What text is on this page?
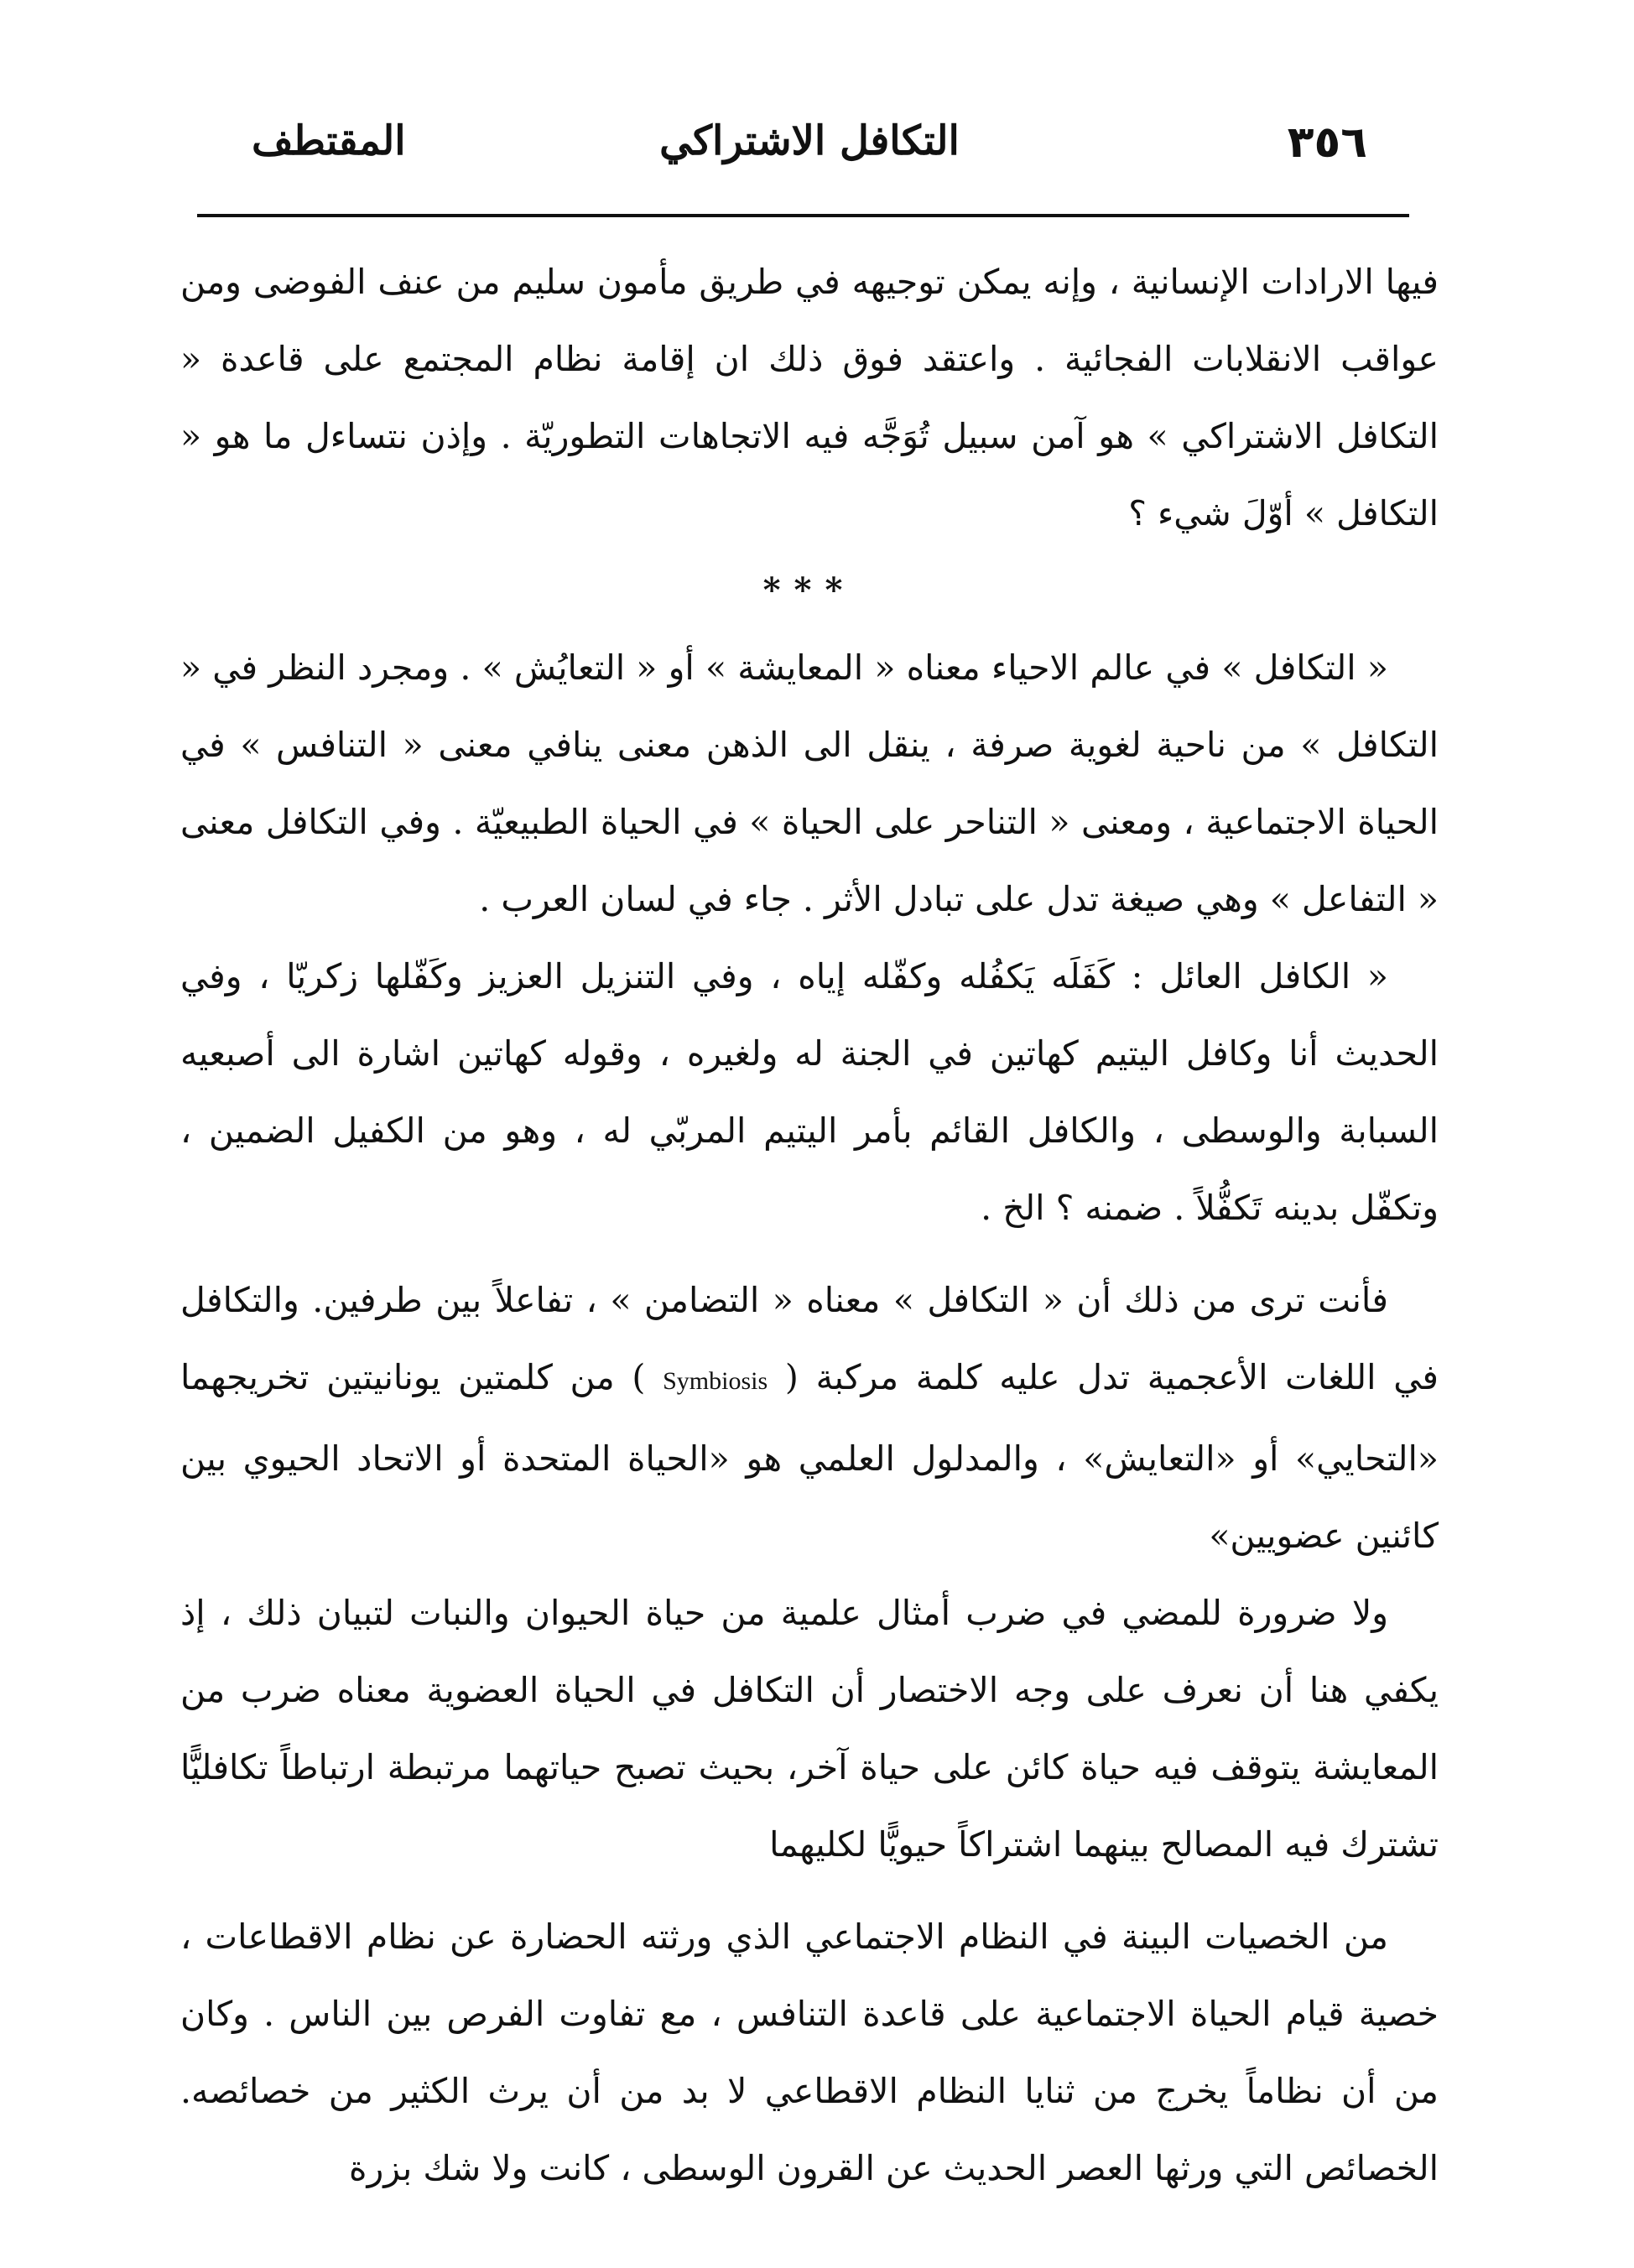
٣٥٦
التكافل الاشتراكي
المقتطف

فيها الارادات الإنسانية ، وإنه يمكن توجيهه في طريق مأمون سليم من عنف الفوضى ومن عواقب الانقلابات الفجائية . واعتقد فوق ذلك ان إقامة نظام المجتمع على قاعدة « التكافل الاشتراكي » هو آمن سبيل تُوَجَّه فيه الاتجاهات التطوريّة . وإذن نتساءل ما هو « التكافل » أوّلَ شيء ؟

***

« التكافل » في عالم الاحياء معناه « المعايشة » أو « التعايُش » . ومجرد النظر في « التكافل » من ناحية لغوية صرفة ، ينقل الى الذهن معنى ينافي معنى « التنافس » في الحياة الاجتماعية ، ومعنى « التناحر على الحياة » في الحياة الطبيعيّة . وفي التكافل معنى « التفاعل » وهي صيغة تدل على تبادل الأثر . جاء في لسان العرب .

« الكافل العائل : كَفَلَه يَكفُله وكفّله إياه ، وفي التنزيل العزيز وكَفّلها زكريّا ، وفي الحديث أنا وكافل اليتيم كهاتين في الجنة له ولغيره ، وقوله كهاتين اشارة الى أصبعيه السبابة والوسطى ، والكافل القائم بأمر اليتيم المربّي له ، وهو من الكفيل الضمين ، وتكفّل بدينه تَكفُّلاً . ضمنه ؟ الخ .

فأنت ترى من ذلك أن « التكافل » معناه « التضامن » ، تفاعلاً بين طرفين. والتكافل في اللغات الأعجمية تدل عليه كلمة مركبة ( Symbiosis ) من كلمتين يونانيتين تخريجهما «التحايي» أو «التعايش» ، والمدلول العلمي هو «الحياة المتحدة أو الاتحاد الحيوي بين كائنين عضويين»

ولا ضرورة للمضي في ضرب أمثال علمية من حياة الحيوان والنبات لتبيان ذلك ، إذ يكفي هنا أن نعرف على وجه الاختصار أن التكافل في الحياة العضوية معناه ضرب من المعايشة يتوقف فيه حياة كائن على حياة آخر، بحيث تصبح حياتهما مرتبطة ارتباطاً تكافليًّا تشترك فيه المصالح بينهما اشتراكاً حيويًّا لكليهما

من الخصيات البينة في النظام الاجتماعي الذي ورثته الحضارة عن نظام الاقطاعات ، خصية قيام الحياة الاجتماعية على قاعدة التنافس ، مع تفاوت الفرص بين الناس . وكان من أن نظاماً يخرج من ثنايا النظام الاقطاعي لا بد من أن يرث الكثير من خصائصه. الخصائص التي ورثها العصر الحديث عن القرون الوسطى ، كانت ولا شك بزرة
